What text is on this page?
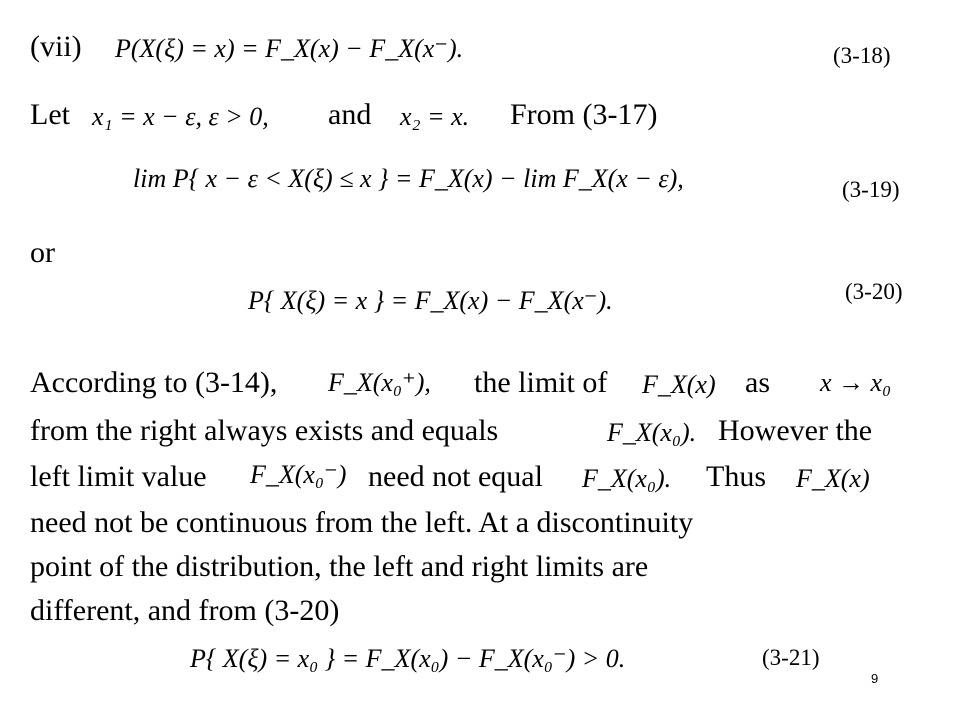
(vii) P(X(ξ) = x) = F_X(x) − F_X(x⁻).	(3-18)
Let x₁ = x − ε, ε > 0, and x₂ = x. From (3-17)
lim P{ x − ε < X(ξ) ≤ x } = F_X(x) − lim F_X(x − ε),	(3-19)
or
(3-20)
P{ X(ξ) = x } = F_X(x) − F_X(x⁻).
According to (3-14), F_X(x₀⁺), the limit of F_X(x) as x → x₀
from the right always exists and equals	F_X(x₀). However the
left limit value F_X(x₀⁻) need not equal F_X(x₀). Thus F_X(x)
need not be continuous from the left. At a discontinuity
point of the distribution, the left and right limits are
different, and from (3-20)
P{ X(ξ) = x₀ } = F_X(x₀) − F_X(x₀⁻) > 0.	(3-21)
9
